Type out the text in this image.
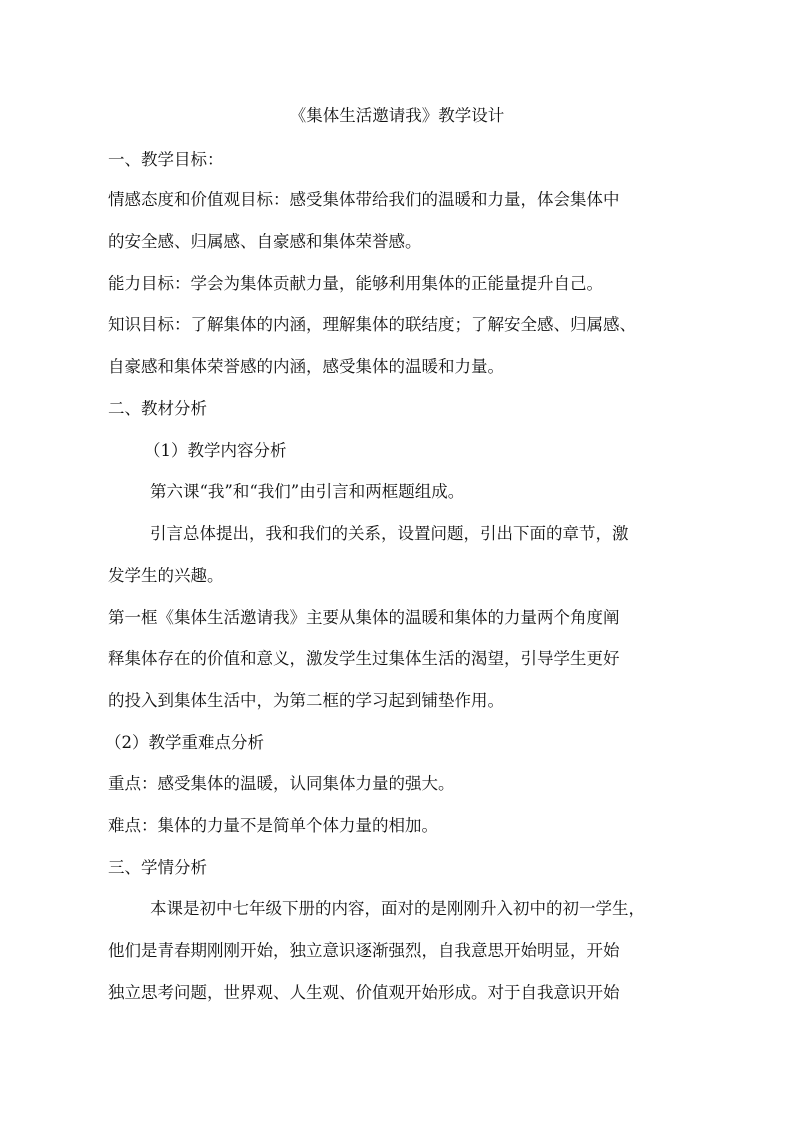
《集体生活邀请我》教学设计
一、教学目标：
情感态度和价值观目标：感受集体带给我们的温暖和力量，体会集体中
的安全感、归属感、自豪感和集体荣誉感。
能力目标：学会为集体贡献力量，能够利用集体的正能量提升自己。
知识目标：了解集体的内涵，理解集体的联结度；了解安全感、归属感、
自豪感和集体荣誉感的内涵，感受集体的温暖和力量。
二、教材分析
（1）教学内容分析
第六课“我”和“我们”由引言和两框题组成。
引言总体提出，我和我们的关系，设置问题，引出下面的章节，激
发学生的兴趣。
第一框《集体生活邀请我》主要从集体的温暖和集体的力量两个角度阐
释集体存在的价值和意义，激发学生过集体生活的渴望，引导学生更好
的投入到集体生活中，为第二框的学习起到铺垫作用。
（2）教学重难点分析
重点：感受集体的温暖，认同集体力量的强大。
难点：集体的力量不是简单个体力量的相加。
三、学情分析
本课是初中七年级下册的内容，面对的是刚刚升入初中的初一学生，
他们是青春期刚刚开始，独立意识逐渐强烈，自我意思开始明显，开始
独立思考问题，世界观、人生观、价值观开始形成。对于自我意识开始
